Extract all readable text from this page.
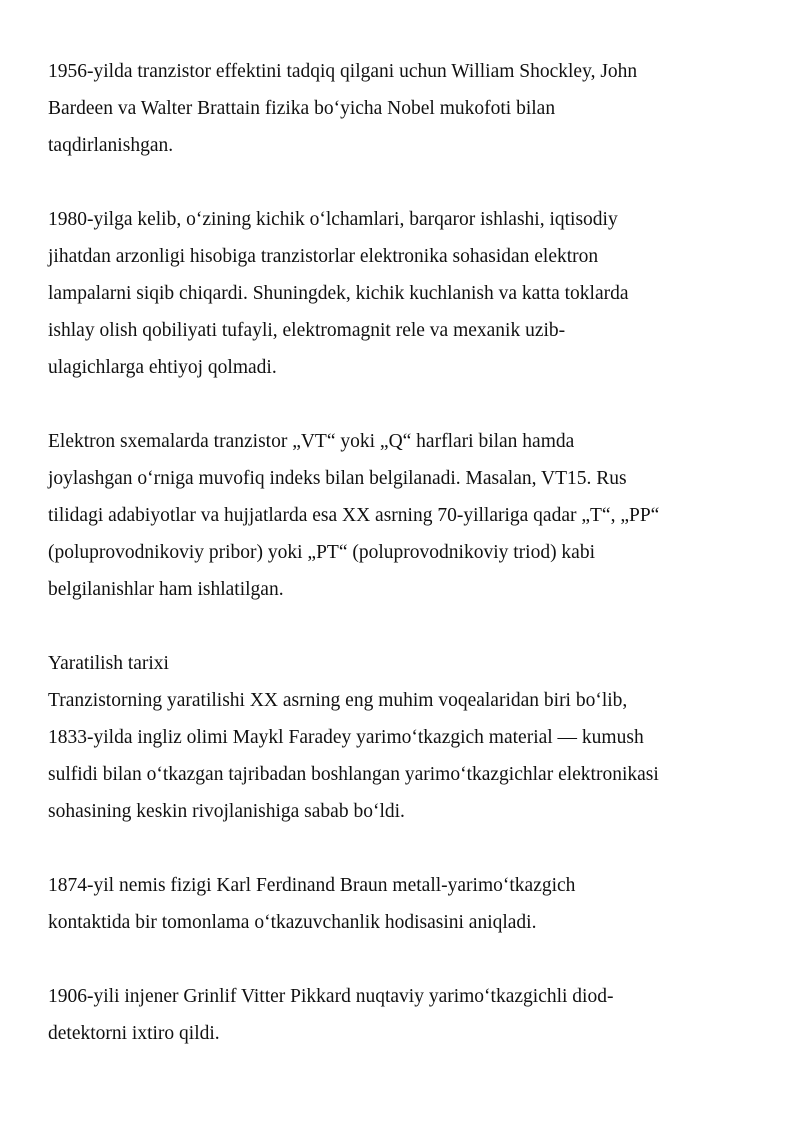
1956-yilda tranzistor effektini tadqiq qilgani uchun William Shockley, John
Bardeen va Walter Brattain fizika bo‘yicha Nobel mukofoti bilan
taqdirlanishgan.

1980-yilga kelib, o‘zining kichik o‘lchamlari, barqaror ishlashi, iqtisodiy
jihatdan arzonligi hisobiga tranzistorlar elektronika sohasidan elektron
lampalarni siqib chiqardi. Shuningdek, kichik kuchlanish va katta toklarda
ishlay olish qobiliyati tufayli, elektromagnit rele va mexanik uzib-
ulagichlarga ehtiyoj qolmadi.

Elektron sxemalarda tranzistor „VT“ yoki „Q“ harflari bilan hamda
joylashgan o‘rniga muvofiq indeks bilan belgilanadi. Masalan, VT15. Rus
tilidagi adabiyotlar va hujjatlarda esa XX asrning 70-yillariga qadar „T“, „PP“
(poluprovodnikoviy pribor) yoki „PT“ (poluprovodnikoviy triod) kabi
belgilanishlar ham ishlatilgan.

Yaratilish tarixi

Tranzistorning yaratilishi XX asrning eng muhim voqealaridan biri bo‘lib,
1833-yilda ingliz olimi Maykl Faradey yarimo‘tkazgich material — kumush
sulfidi bilan o‘tkazgan tajribadan boshlangan yarimo‘tkazgichlar elektronikasi
sohasining keskin rivojlanishiga sabab bo‘ldi.

1874-yil nemis fizigi Karl Ferdinand Braun metall-yarimo‘tkazgich
kontaktida bir tomonlama o‘tkazuvchanlik hodisasini aniqladi.

1906-yili injener Grinlif Vitter Pikkard nuqtaviy yarimo‘tkazgichli diod-
detektorni ixtiro qildi.
